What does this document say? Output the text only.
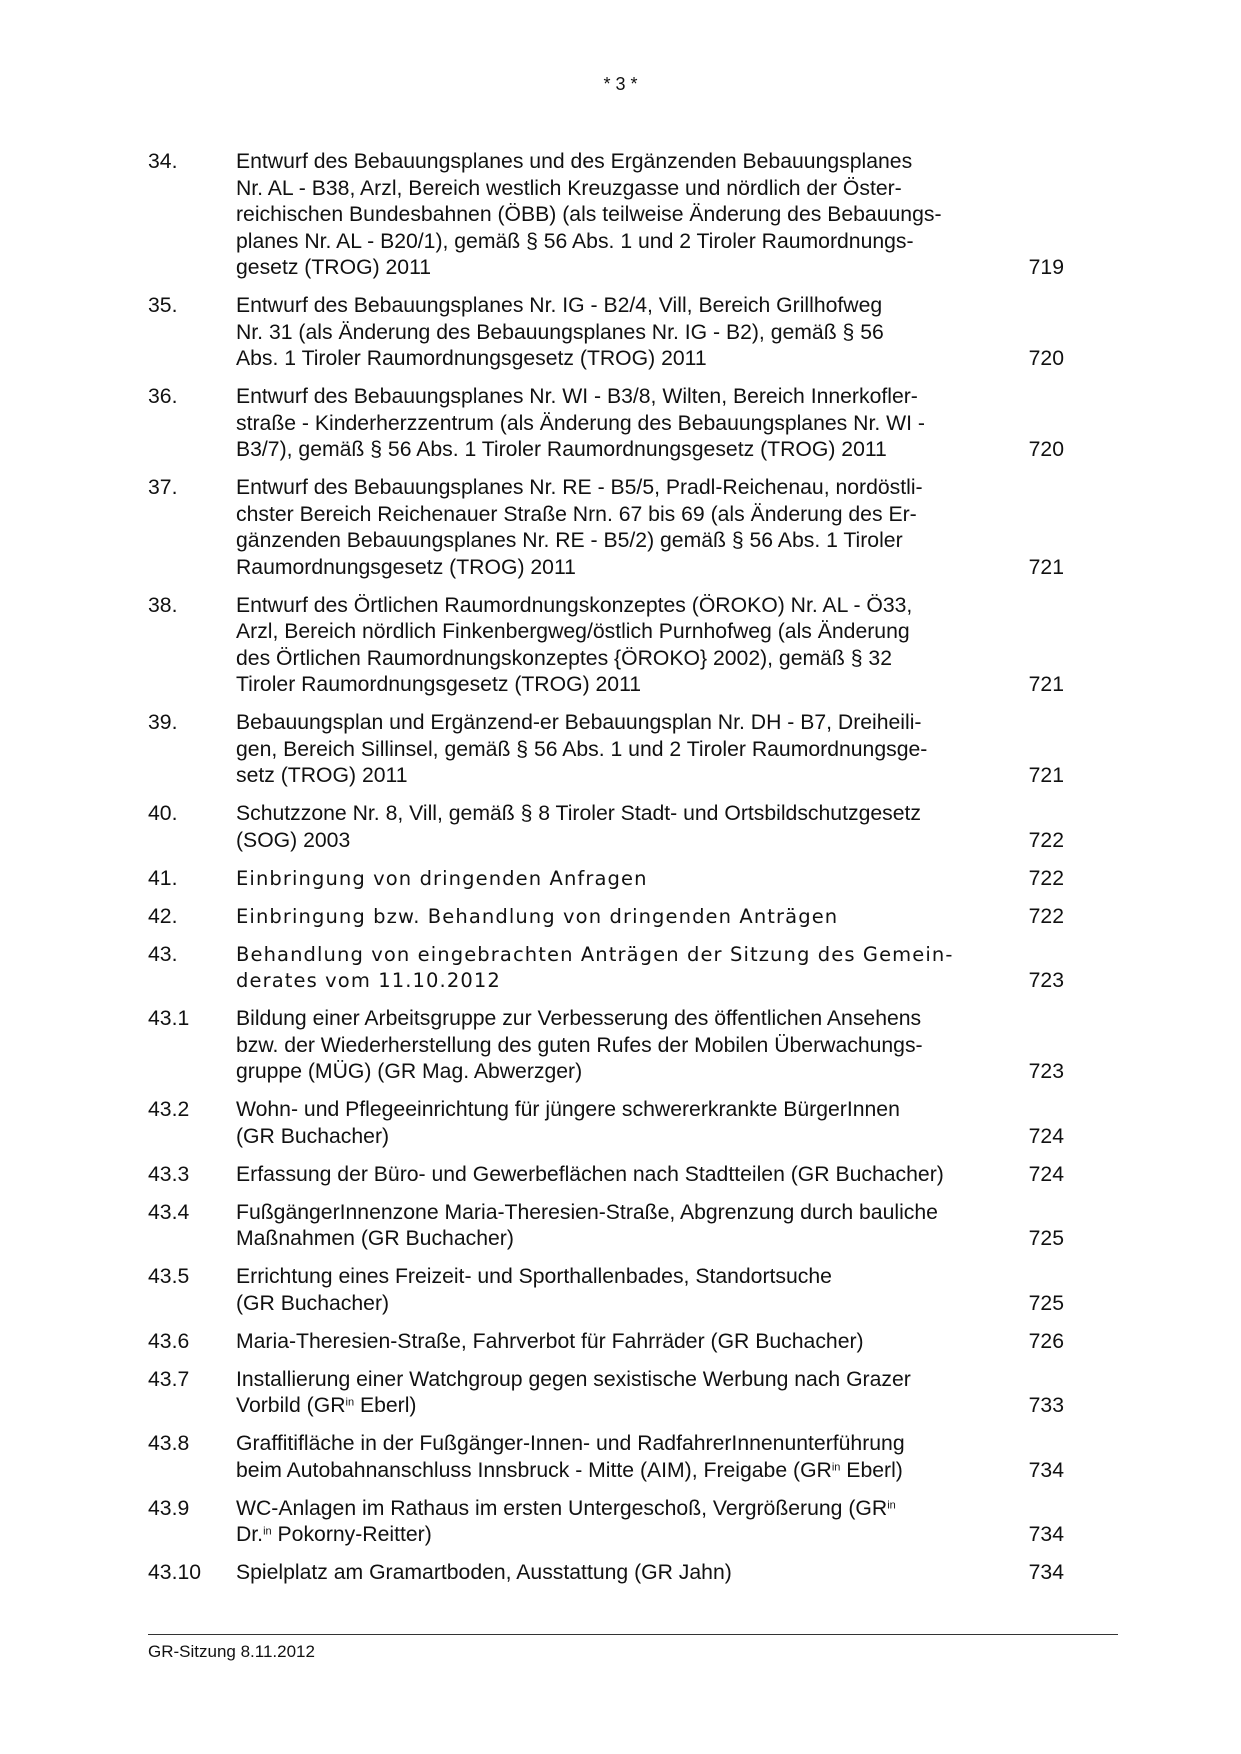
* 3 *
34.	Entwurf des Bebauungsplanes und des Ergänzenden Bebauungsplanes
Nr. AL - B38, Arzl, Bereich westlich Kreuzgasse und nördlich der Öster-
reichischen Bundesbahnen (ÖBB) (als teilweise Änderung des Bebauungs-
planes Nr. AL - B20/1), gemäß § 56 Abs. 1 und 2 Tiroler Raumordnungs-
gesetz (TROG) 2011	719
35.	Entwurf des Bebauungsplanes Nr. IG - B2/4, Vill, Bereich Grillhofweg
Nr. 31 (als Änderung des Bebauungsplanes Nr. IG - B2), gemäß § 56
Abs. 1 Tiroler Raumordnungsgesetz (TROG) 2011	720
36.	Entwurf des Bebauungsplanes Nr. WI - B3/8, Wilten, Bereich Innerkofler-
straße - Kinderherzzentrum (als Änderung des Bebauungsplanes Nr. WI -
B3/7), gemäß § 56 Abs. 1 Tiroler Raumordnungsgesetz (TROG) 2011	720
37.	Entwurf des Bebauungsplanes Nr. RE - B5/5, Pradl-Reichenau, nordöstli-
chster Bereich Reichenauer Straße Nrn. 67 bis 69 (als Änderung des Er-
gänzenden Bebauungsplanes Nr. RE - B5/2) gemäß § 56 Abs. 1 Tiroler
Raumordnungsgesetz (TROG) 2011	721
38.	Entwurf des Örtlichen Raumordnungskonzeptes (ÖROKO) Nr. AL - Ö33,
Arzl, Bereich nördlich Finkenbergweg/östlich Purnhofweg (als Änderung
des Örtlichen Raumordnungskonzeptes {ÖROKO} 2002), gemäß § 32
Tiroler Raumordnungsgesetz (TROG) 2011	721
39.	Bebauungsplan und Ergänzend-er Bebauungsplan Nr. DH - B7, Dreiheili-
gen, Bereich Sillinsel, gemäß § 56 Abs. 1 und 2 Tiroler Raumordnungsge-
setz (TROG) 2011	721
40.	Schutzzone Nr. 8, Vill, gemäß § 8 Tiroler Stadt- und Ortsbildschutzgesetz
(SOG) 2003	722
41.	Einbringung von dringenden Anfragen	722
42.	Einbringung bzw. Behandlung von dringenden Anträgen	722
43.	Behandlung von eingebrachten Anträgen der Sitzung des Gemein-
derates vom 11.10.2012	723
43.1	Bildung einer Arbeitsgruppe zur Verbesserung des öffentlichen Ansehens
bzw. der Wiederherstellung des guten Rufes der Mobilen Überwachungs-
gruppe (MÜG) (GR Mag. Abwerzger)	723
43.2	Wohn- und Pflegeeinrichtung für jüngere schwererkrankte BürgerInnen
(GR Buchacher)	724
43.3	Erfassung der Büro- und Gewerbeflächen nach Stadtteilen (GR Buchacher)	724
43.4	FußgängerInnenzone Maria-Theresien-Straße, Abgrenzung durch bauliche
Maßnahmen (GR Buchacher)	725
43.5	Errichtung eines Freizeit- und Sporthallenbades, Standortsuche
(GR Buchacher)	725
43.6	Maria-Theresien-Straße, Fahrverbot für Fahrräder (GR Buchacher)	726
43.7	Installierung einer Watchgroup gegen sexistische Werbung nach Grazer
Vorbild ($GR^{in}$ Eberl)	733
43.8	Graffitifläche in der Fußgänger-Innen- und RadfahrerInnenunterführung
beim Autobahnanschluss Innsbruck - Mitte (AIM), Freigabe ($GR^{in}$ Eberl)	734
43.9	WC-Anlagen im Rathaus im ersten Untergeschoß, Vergrößerung ($GR^{in}$
Dr.$^{in}$ Pokorny-Reitter)	734
43.10	Spielplatz am Gramartboden, Ausstattung (GR Jahn)	734
GR-Sitzung 8.11.2012
